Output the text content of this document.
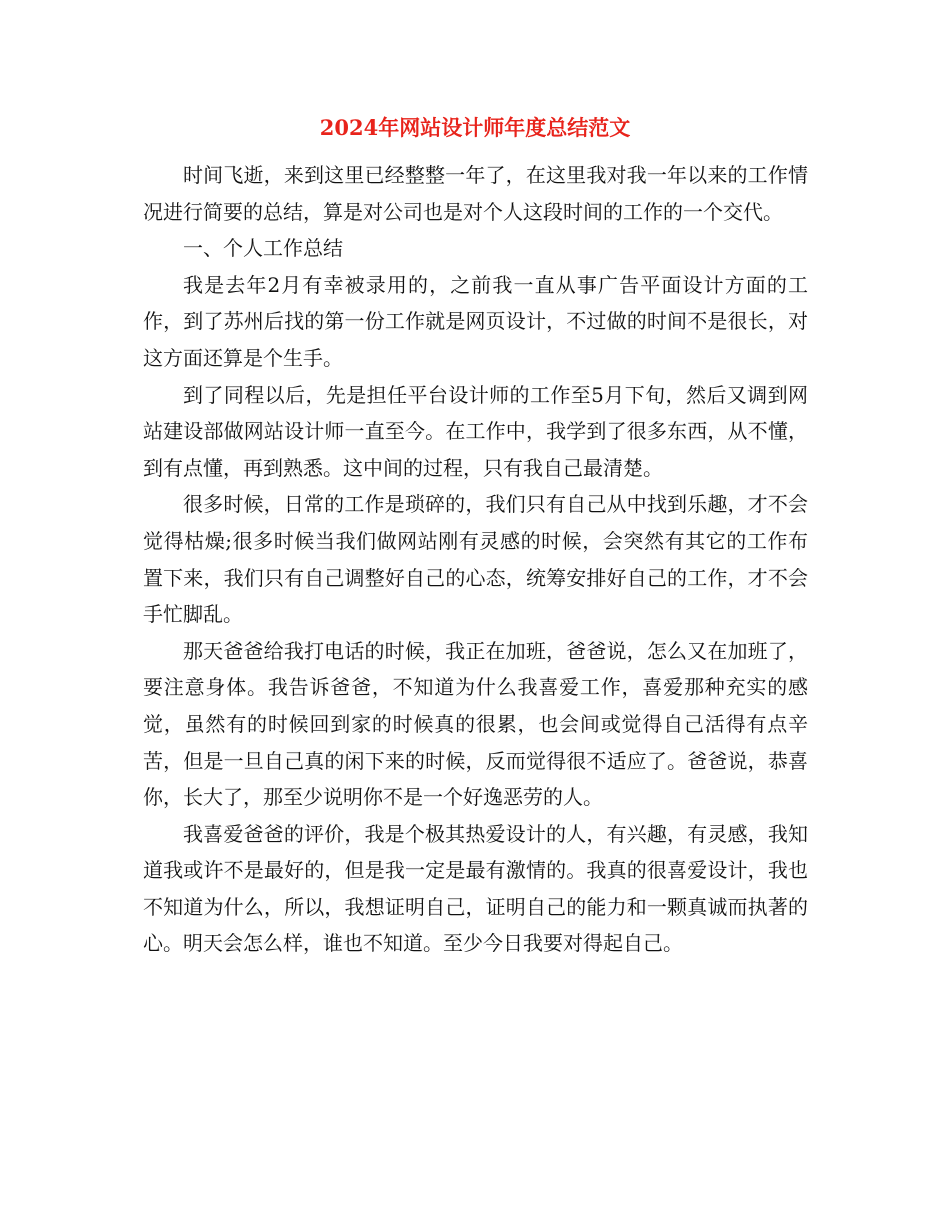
2024年网站设计师年度总结范文

时间飞逝，来到这里已经整整一年了，在这里我对我一年以来的工作情况进行简要的总结，算是对公司也是对个人这段时间的工作的一个交代。

一、个人工作总结

我是去年2月有幸被录用的，之前我一直从事广告平面设计方面的工作，到了苏州后找的第一份工作就是网页设计，不过做的时间不是很长，对这方面还算是个生手。

到了同程以后，先是担任平台设计师的工作至5月下旬，然后又调到网站建设部做网站设计师一直至今。在工作中，我学到了很多东西，从不懂，到有点懂，再到熟悉。这中间的过程，只有我自己最清楚。

很多时候，日常的工作是琐碎的，我们只有自己从中找到乐趣，才不会觉得枯燥;很多时候当我们做网站刚有灵感的时候，会突然有其它的工作布置下来，我们只有自己调整好自己的心态，统筹安排好自己的工作，才不会手忙脚乱。

那天爸爸给我打电话的时候，我正在加班，爸爸说，怎么又在加班了，要注意身体。我告诉爸爸，不知道为什么我喜爱工作，喜爱那种充实的感觉，虽然有的时候回到家的时候真的很累，也会间或觉得自己活得有点辛苦，但是一旦自己真的闲下来的时候，反而觉得很不适应了。爸爸说，恭喜你，长大了，那至少说明你不是一个好逸恶劳的人。

我喜爱爸爸的评价，我是个极其热爱设计的人，有兴趣，有灵感，我知道我或许不是最好的，但是我一定是最有激情的。我真的很喜爱设计，我也不知道为什么，所以，我想证明自己，证明自己的能力和一颗真诚而执著的心。明天会怎么样，谁也不知道。至少今日我要对得起自己。
